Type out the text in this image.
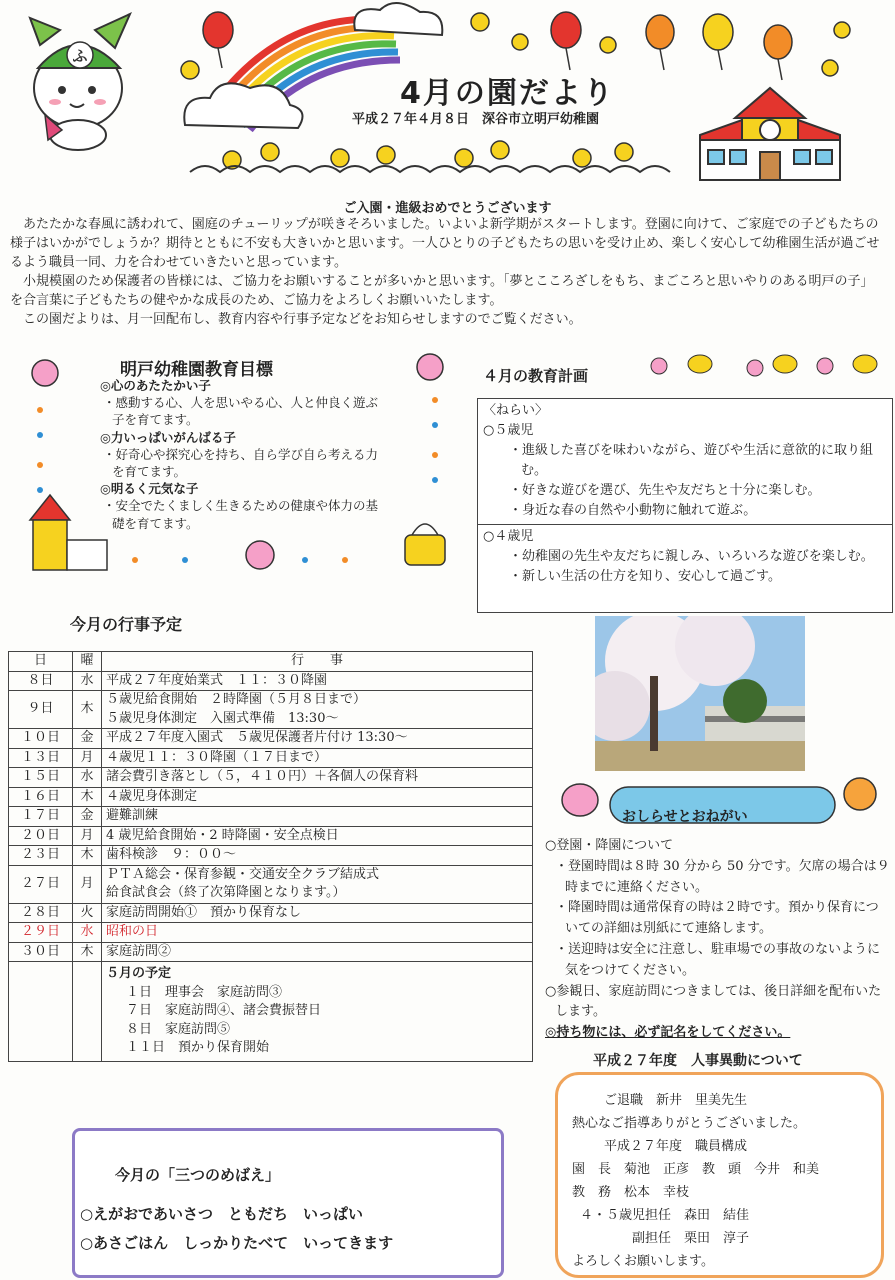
ふ
4月の園だより
平成２７年４月８日　深谷市立明戸幼稚園
ご入園・進級おめでとうございます

あたたかな春風に誘われて、園庭のチューリップが咲きそろいました。いよいよ新学期がスタートします。登園に向けて、ご家庭での子どもたちの様子はいかがでしょうか？期待とともに不安も大きいかと思います。一人ひとりの子どもたちの思いを受け止め、楽しく安心して幼稚園生活が過ごせるよう職員一同、力を合わせていきたいと思っています。

小規模園のため保護者の皆様には、ご協力をお願いすることが多いかと思います。「夢とこころざしをもち、まごころと思いやりのある明戸の子」を合言葉に子どもたちの健やかな成長のため、ご協力をよろしくお願いいたします。

この園だよりは、月一回配布し、教育内容や行事予定などをお知らせしますのでご覧ください。

明戸幼稚園教育目標
◎心のあたたかい子
・感動する心、人を思いやる心、人と仲良く遊ぶ子を育てます。
◎力いっぱいがんばる子
・好奇心や探究心を持ち、自ら学び自ら考える力を育てます。
◎明るく元気な子
・安全でたくましく生きるための健康や体力の基礎を育てます。
４月の教育計画
〈ねらい〉
○５歳児
・進級した喜びを味わいながら、遊びや生活に意欲的に取り組む。
・好きな遊びを選び、先生や友だちと十分に楽しむ。
・身近な春の自然や小動物に触れて遊ぶ。
○４歳児
・幼稚園の先生や友だちに親しみ、いろいろな遊びを楽しむ。
・新しい生活の仕方を知り、安心して過ごす。
今月の行事予定
日	曜	行　　事
８日	水	平成２７年度始業式　１１：３０降園

９日	木	５歳児給食開始　２時降園（５月８日まで）
５歳児身体測定　入園式準備　13:30～

１０日	金	平成２７年度入園式　５歳児保護者片付け 13:30～

１３日	月	４歳児１１：３０降園（１７日まで）

１５日	水	諸会費引き落とし（５，４１０円）＋各個人の保育料

１６日	木	４歳児身体測定

１７日	金	避難訓練

２０日	月	4 歳児給食開始・2 時降園・安全点検日

２３日	木	歯科検診　９：００～

２７日	月	ＰＴＡ総会・保育参観・交通安全クラブ結成式
給食試食会（終了次第降園となります。）

２８日	火	家庭訪問開始①　預かり保育なし

２９日	水	昭和の日

３０日	木	家庭訪問②

		５月の予定
１日　理事会　家庭訪問③
７日　家庭訪問④、諸会費振替日
８日　家庭訪問⑤
１１日　預かり保育開始
おしらせとおねがい
○登園・降園について
・登園時間は８時 30 分から 50 分です。欠席の場合は９時までに連絡ください。
・降園時間は通常保育の時は２時です。預かり保育についての詳細は別紙にて連絡します。
・送迎時は安全に注意し、駐車場での事故のないように気をつけてください。
○参観日、家庭訪問につきましては、後日詳細を配布いたします。
◎持ち物には、必ず記名をしてください。
平成２７年度　人事異動について
ご退職　新井　里美先生
熱心なご指導ありがとうございました。
平成２７年度　職員構成
園　長　菊池　正彦　教　頭　今井　和美
教　務　松本　幸枝
４・５歳児担任　森田　結佳
副担任　栗田　淳子
よろしくお願いします。
今月の「三つのめばえ」
○えがおであいさつ　ともだち　いっぱい
○あさごはん　しっかりたべて　いってきます
